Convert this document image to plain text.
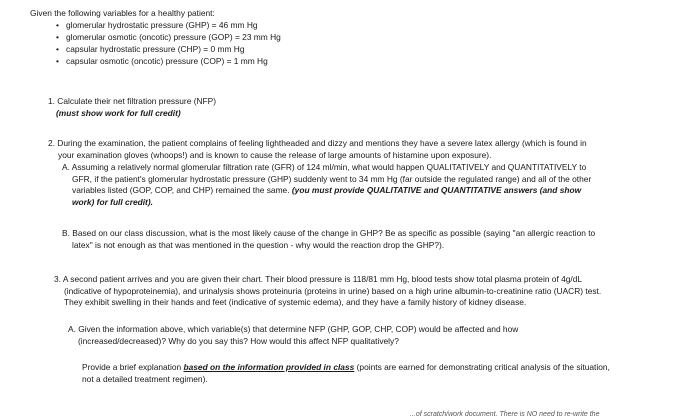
Given the following variables for a healthy patient:
• glomerular hydrostatic pressure (GHP) = 46 mm Hg
• glomerular osmotic (oncotic) pressure (GOP) = 23 mm Hg
• capsular hydrostatic pressure (CHP) = 0 mm Hg
• capsular osmotic (oncotic) pressure (COP) = 1 mm Hg
1. Calculate their net filtration pressure (NFP)
(must show work for full credit)
2. During the examination, the patient complains of feeling lightheaded and dizzy and mentions they have a severe latex allergy (which is found in
your examination gloves (whoops!) and is known to cause the release of large amounts of histamine upon exposure).
A. Assuming a relatively normal glomerular filtration rate (GFR) of 124 ml/min, what would happen QUALITATIVELY and QUANTITATIVELY to
GFR, if the patient's glomerular hydrostatic pressure (GHP) suddenly went to 34 mm Hg (far outside the regulated range) and all of the other
variables listed (GOP, COP, and CHP) remained the same. (you must provide QUALITATIVE and QUANTITATIVE answers (and show
work) for full credit).
B. Based on our class discussion, what is the most likely cause of the change in GHP? Be as specific as possible (saying "an allergic reaction to
latex" is not enough as that was mentioned in the question - why would the reaction drop the GHP?).
3. A second patient arrives and you are given their chart. Their blood pressure is 118/81 mm Hg, blood tests show total plasma protein of 4g/dL
(indicative of hypoproteinemia), and urinalysis shows proteinuria (proteins in urine) based on a high urine albumin-to-creatinine ratio (UACR) test.
They exhibit swelling in their hands and feet (indicative of systemic edema), and they have a family history of kidney disease.
A. Given the information above, which variable(s) that determine NFP (GHP, GOP, CHP, COP) would be affected and how
(increased/decreased)? Why do you say this? How would this affect NFP qualitatively?
Provide a brief explanation based on the information provided in class (points are earned for demonstrating critical analysis of the situation,
not a detailed treatment regimen).
...of scratch/work document. There is NO need to re-write the
